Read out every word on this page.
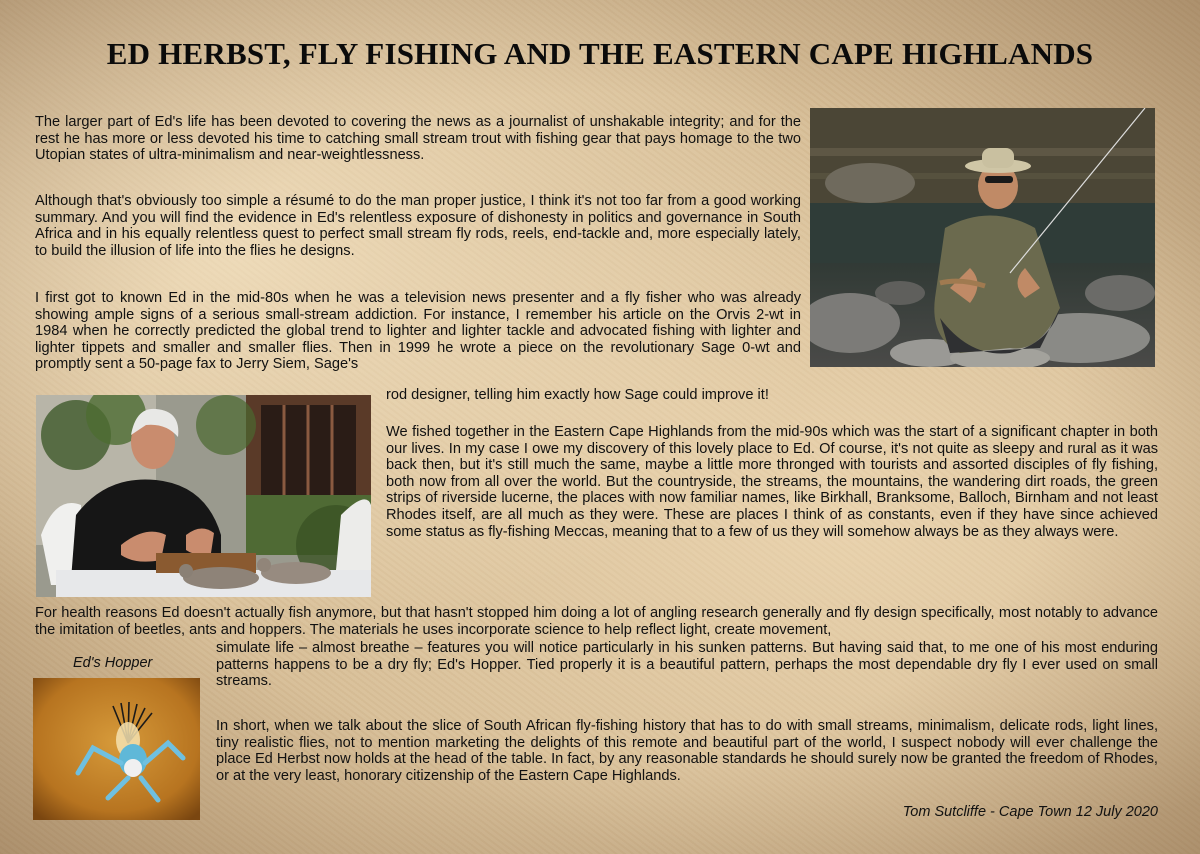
ED HERBST, FLY FISHING AND THE EASTERN CAPE HIGHLANDS
The larger part of Ed's life has been devoted to covering the news as a journalist of unshakable integrity; and for the rest he has more or less devoted his time to catching small stream trout with fishing gear that pays homage to the two Utopian states of ultra-minimalism and near-weightlessness.
Although that's obviously too simple a résumé to do the man proper justice, I think it's not too far from a good working summary. And you will find the evidence in Ed's relentless exposure of dishonesty in politics and governance in South Africa and in his equally relentless quest to perfect small stream fly rods, reels, end-tackle and, more especially lately, to build the illusion of life into the flies he designs.
I first got to known Ed in the mid-80s when he was a television news presenter and a fly fisher who was already showing ample signs of a serious small-stream addiction. For instance, I remember his article on the Orvis 2-wt in 1984 when he correctly predicted the global trend to lighter and lighter tackle and advocated fishing with lighter and lighter tippets and smaller and smaller flies. Then in 1999 he wrote a piece on the revolutionary Sage 0-wt and promptly sent a 50-page fax to Jerry Siem, Sage's
rod designer, telling him exactly how Sage could improve it!
We fished together in the Eastern Cape Highlands from the mid-90s which was the start of a significant chapter in both our lives. In my case I owe my discovery of this lovely place to Ed. Of course, it's not quite as sleepy and rural as it was back then, but it's still much the same, maybe a little more thronged with tourists and assorted disciples of fly fishing, both now from all over the world. But the countryside, the streams, the mountains, the wandering dirt roads, the green strips of riverside lucerne, the places with now familiar names, like Birkhall, Branksome, Balloch, Birnham and not least Rhodes itself, are all much as they were. These are places I think of as constants, even if they have since achieved some status as fly-fishing Meccas, meaning that to a few of us they will somehow always be as they always were.
For health reasons Ed doesn't actually fish anymore, but that hasn't stopped him doing a lot of angling research generally and fly design specifically, most notably to advance the imitation of beetles, ants and hoppers. The materials he uses incorporate science to help reflect light, create movement,
simulate life – almost breathe – features you will notice particularly in his sunken patterns. But having said that, to me one of his most enduring patterns happens to be a dry fly; Ed's Hopper. Tied properly it is a beautiful pattern, perhaps the most dependable dry fly I ever used on small streams.
In short, when we talk about the slice of South African fly-fishing history that has to do with small streams, minimalism, delicate rods, light lines, tiny realistic flies, not to mention marketing the delights of this remote and beautiful part of the world, I suspect nobody will ever challenge the place Ed Herbst now holds at the head of the table. In fact, by any reasonable standards he should surely now be granted the freedom of Rhodes, or at the very least, honorary citizenship of the Eastern Cape Highlands.
Ed's Hopper
Tom Sutcliffe - Cape Town 12 July 2020
